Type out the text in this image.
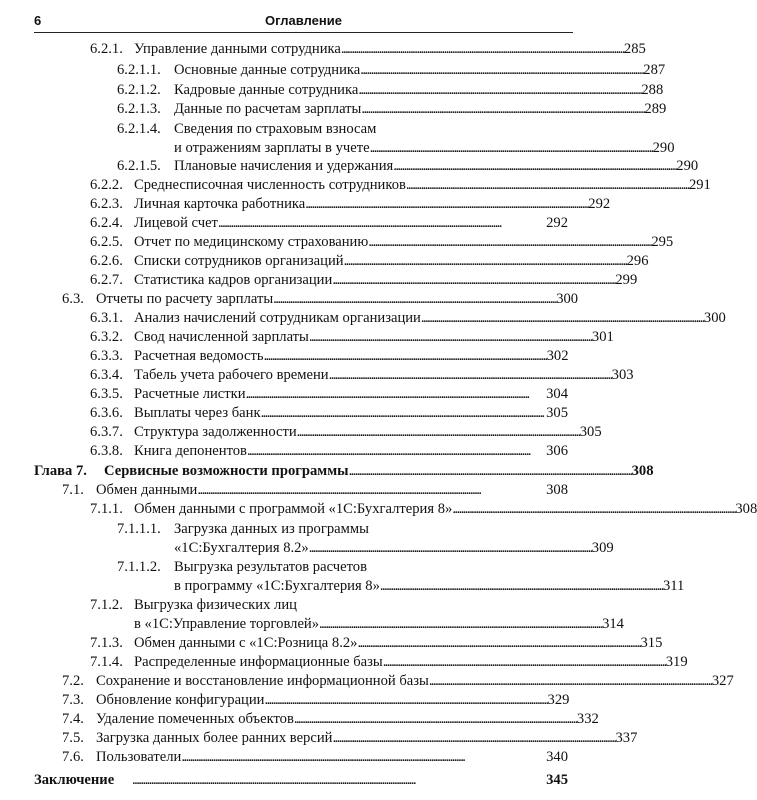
6	Оглавление
6.2.1. Управление данными сотрудника . . .	285
6.2.1.1. Основные данные сотрудника . . .	287
6.2.1.2. Кадровые данные сотрудника . . .	288
6.2.1.3. Данные по расчетам зарплаты . . .	289
6.2.1.4. Сведения по страховым взносам
и отражениям зарплаты в учете . . .	290
6.2.1.5. Плановые начисления и удержания . . .	290
6.2.2. Среднесписочная численность сотрудников . . .	291
6.2.3. Личная карточка работника . . .	292
6.2.4. Лицевой счет . . .	292
6.2.5. Отчет по медицинскому страхованию . . .	295
6.2.6. Списки сотрудников организаций . . .	296
6.2.7. Статистика кадров организации . . .	299
6.3. Отчеты по расчету зарплаты . . .	300
6.3.1. Анализ начислений сотрудникам организации . . .	300
6.3.2. Свод начисленной зарплаты . . .	301
6.3.3. Расчетная ведомость . . .	302
6.3.4. Табель учета рабочего времени . . .	303
6.3.5. Расчетные листки . . .	304
6.3.6. Выплаты через банк . . .	305
6.3.7. Структура задолженности . . .	305
6.3.8. Книга депонентов . . .	306
Глава 7. Сервисные возможности программы . . .	308
7.1. Обмен данными . . .	308
7.1.1. Обмен данными с программой «1С:Бухгалтерия 8» . . .	308
7.1.1.1. Загрузка данных из программы
«1С:Бухгалтерия 8.2» . . .	309
7.1.1.2. Выгрузка результатов расчетов
в программу «1С:Бухгалтерия 8» . . .	311
7.1.2. Выгрузка физических лиц
в «1С:Управление торговлей» . . .	314
7.1.3. Обмен данными с «1С:Розница 8.2» . . .	315
7.1.4. Распределенные информационные базы . . .	319
7.2. Сохранение и восстановление информационной базы . . .	327
7.3. Обновление конфигурации . . .	329
7.4. Удаление помеченных объектов . . .	332
7.5. Загрузка данных более ранних версий . . .	337
7.6. Пользователи . . .	340
Заключение . . .	345
